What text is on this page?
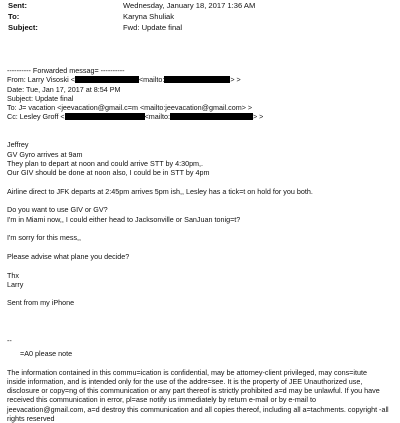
Sent:	Wednesday, January 18, 2017 1:36 AM
To:	Karyna Shuliak
Subject:	Fwd: Update final
---------- Forwarded messag= ----------
From: Larry Visoski <	<mailto:	> >
Date: Tue, Jan 17, 2017 at 8:54 PM
Subject: Update final
To: J= vacation <jeevacation@gmail.c=m <mailto:jeevacation@gmail.com> >
Cc: Lesley Groff <	<mailto:	> >
Jeffrey
GV Gyro arrives at 9am
They plan to depart at noon and could arrive STT by 4:30pm,.
Our GIV should be done at noon also, I could be in STT by 4pm
Airline direct to JFK departs at 2:45pm arrives 5pm ish,, Lesley has a tick=t on hold for you both.
Do you want to use GIV or GV?
I'm in Miami now,, I could either head to Jacksonville or SanJuan tonig=t?
I'm sorry for this mess,,
Please advise what plane you decide?
Thx
Larry
Sent from my iPhone
--
=A0 please note
The information contained in this commu=ication is confidential, may be attorney-client privileged, may cons=itute
inside information, and is intended only for the use of the addre=see. It is the property of JEE Unauthorized use,
disclosure or copy=ng of this communication or any part thereof is strictly prohibited a=d may be unlawful. If you have
received this communication in error, pl=ase notify us immediately by return e-mail or by e-mail to
jeevacation@gmail.com, a=d destroy this communication and all copies thereof, including all a=tachments. copyright -all
rights reserved
